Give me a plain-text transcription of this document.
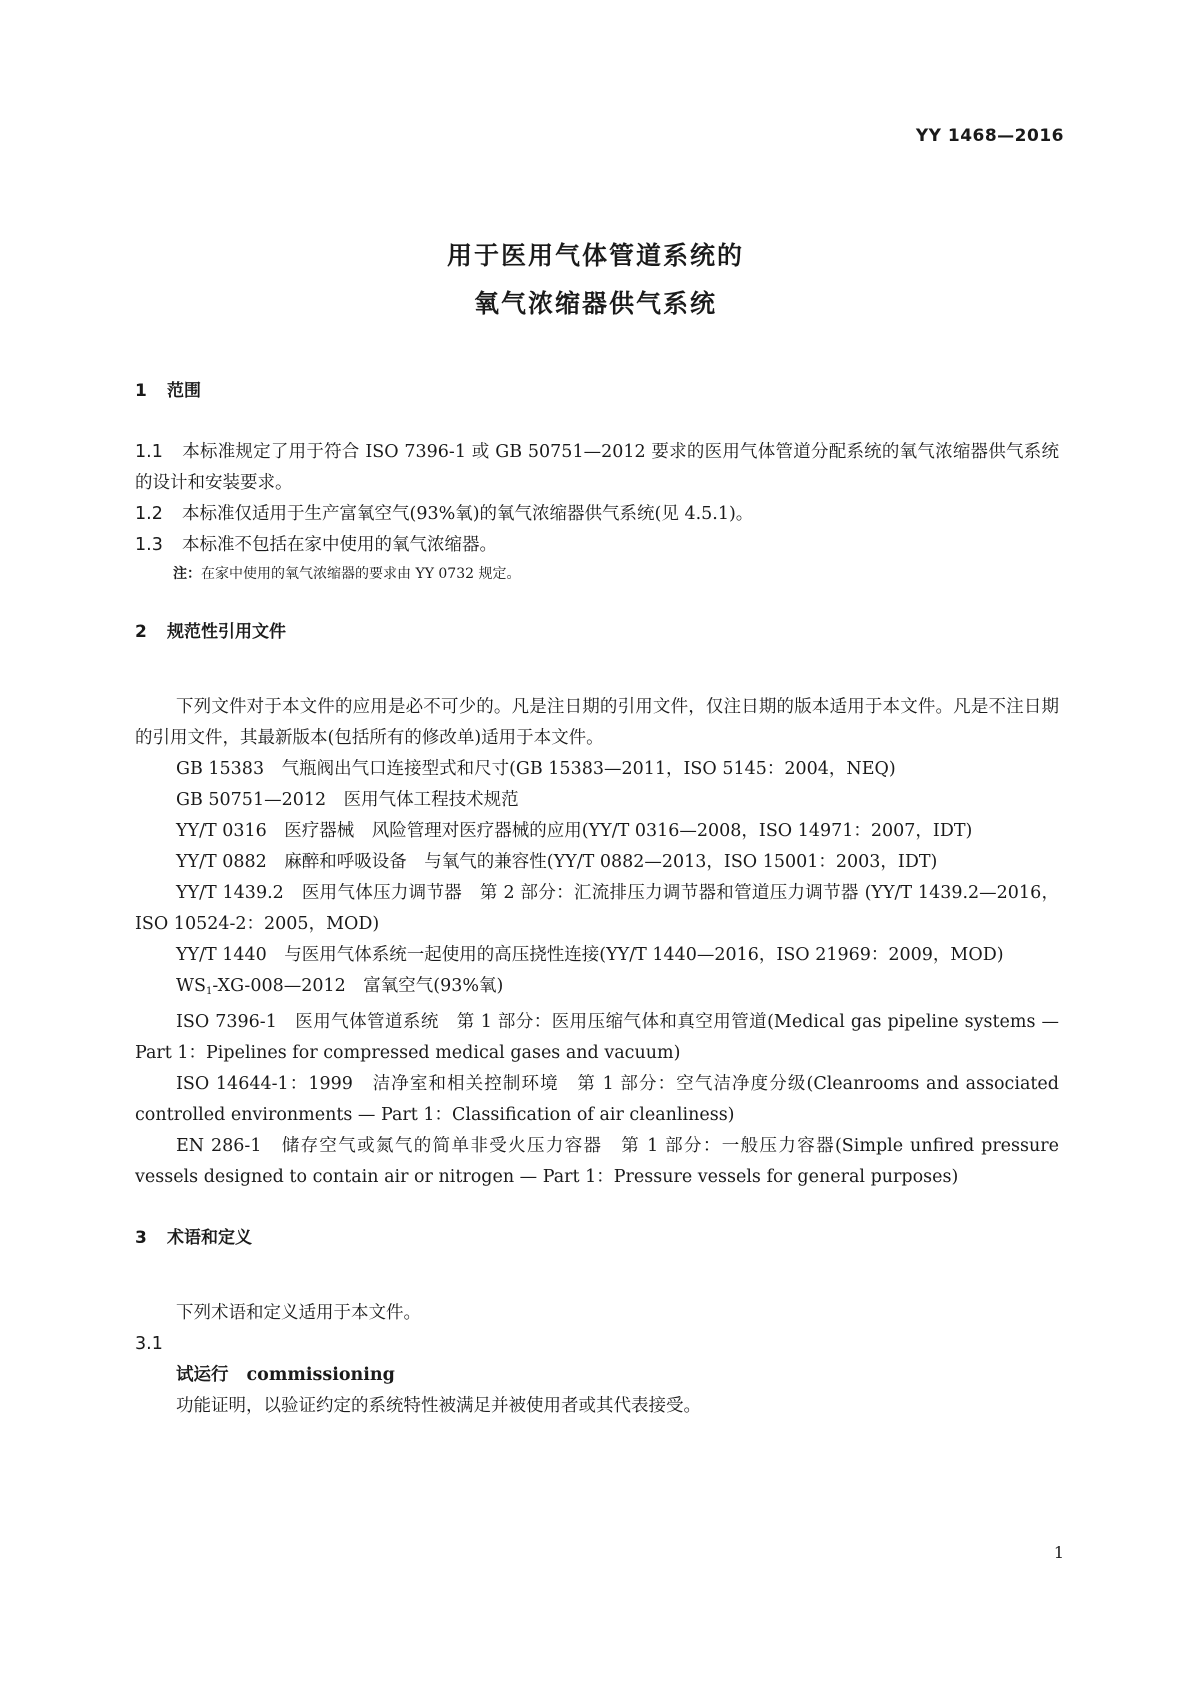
YY 1468—2016
用于医用气体管道系统的
氧气浓缩器供气系统

1 范围

1.1 本标准规定了用于符合 ISO 7396-1 或 GB 50751—2012 要求的医用气体管道分配系统的氧气浓缩器供气系统的设计和安装要求。

1.2 本标准仅适用于生产富氧空气(93%氧)的氧气浓缩器供气系统(见 4.5.1)。

1.3 本标准不包括在家中使用的氧气浓缩器。

注：在家中使用的氧气浓缩器的要求由 YY 0732 规定。

2 规范性引用文件

下列文件对于本文件的应用是必不可少的。凡是注日期的引用文件，仅注日期的版本适用于本文件。凡是不注日期的引用文件，其最新版本(包括所有的修改单)适用于本文件。

GB 15383　气瓶阀出气口连接型式和尺寸(GB 15383—2011，ISO 5145：2004，NEQ)

GB 50751—2012　医用气体工程技术规范

YY/T 0316　医疗器械　风险管理对医疗器械的应用(YY/T 0316—2008，ISO 14971：2007，IDT)

YY/T 0882　麻醉和呼吸设备　与氧气的兼容性(YY/T 0882—2013，ISO 15001：2003，IDT)

YY/T 1439.2　医用气体压力调节器　第 2 部分：汇流排压力调节器和管道压力调节器 (YY/T 1439.2—2016，ISO 10524-2：2005，MOD)

YY/T 1440　与医用气体系统一起使用的高压挠性连接(YY/T 1440—2016，ISO 21969：2009，MOD)

$WS_1-XG-008—2012$　富氧空气(93%氧)

ISO 7396-1　医用气体管道系统　第 1 部分：医用压缩气体和真空用管道(Medical gas pipeline systems — Part 1：Pipelines for compressed medical gases and vacuum)

ISO 14644-1：1999　洁净室和相关控制环境　第 1 部分：空气洁净度分级(Cleanrooms and associated controlled environments — Part 1：Classification of air cleanliness)

EN 286-1　储存空气或氮气的简单非受火压力容器　第 1 部分：一般压力容器(Simple unfired pressure vessels designed to contain air or nitrogen — Part 1：Pressure vessels for general purposes)

3 术语和定义

下列术语和定义适用于本文件。

3.1

试运行 commissioning

功能证明，以验证约定的系统特性被满足并被使用者或其代表接受。

1
